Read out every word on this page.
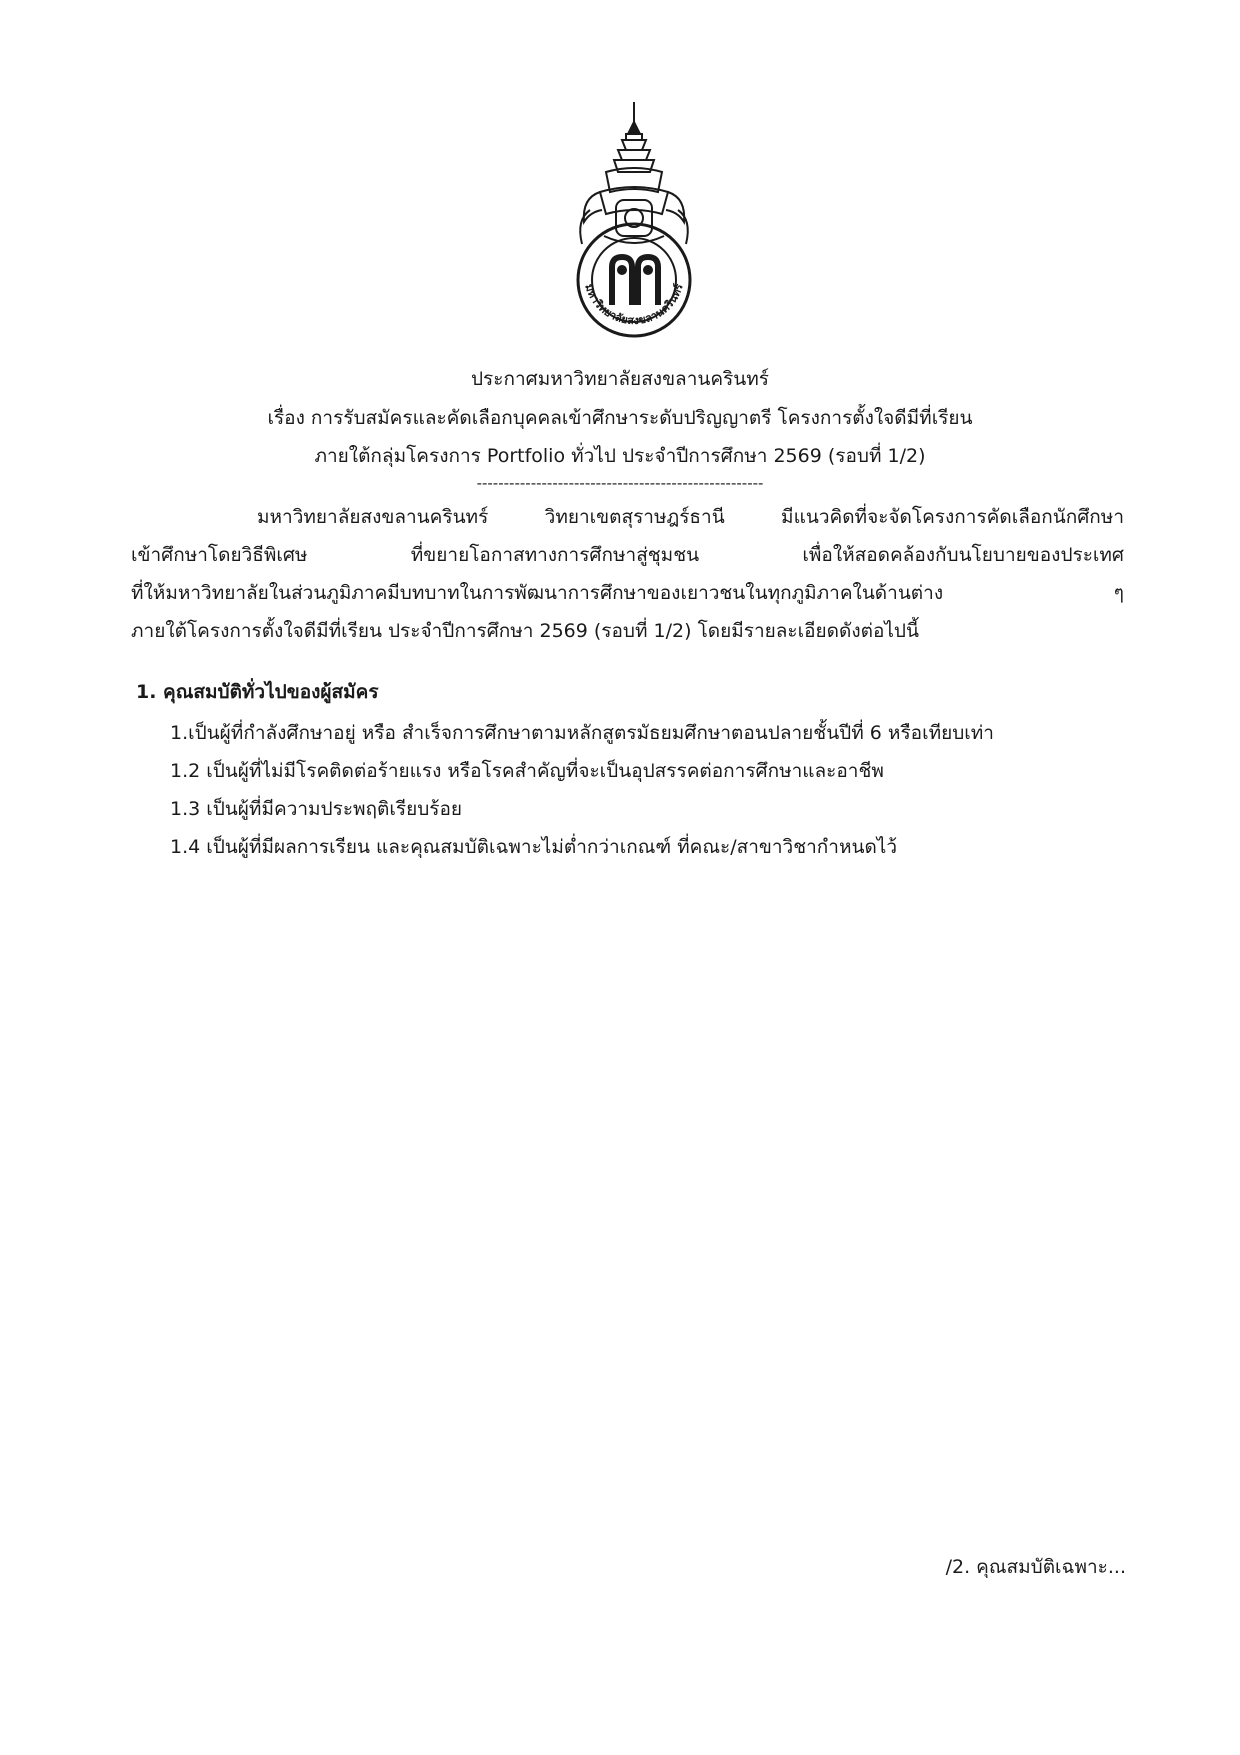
มหาวิทยาลัยสงขลานครินทร์
ประกาศมหาวิทยาลัยสงขลานครินทร์
เรื่อง การรับสมัครและคัดเลือกบุคคลเข้าศึกษาระดับปริญญาตรี โครงการตั้งใจดีมีที่เรียน
ภายใต้กลุ่มโครงการ Portfolio ทั่วไป ประจำปีการศึกษา 2569 (รอบที่ 1/2)
-----------------------------------------------------
มหาวิทยาลัยสงขลานครินทร์ วิทยาเขตสุราษฎร์ธานี มีแนวคิดที่จะจัดโครงการคัดเลือกนักศึกษา
เข้าศึกษาโดยวิธีพิเศษ ที่ขยายโอกาสทางการศึกษาสู่ชุมชน เพื่อให้สอดคล้องกับนโยบายของประเทศ
ที่ให้มหาวิทยาลัยในส่วนภูมิภาคมีบทบาทในการพัฒนาการศึกษาของเยาวชนในทุกภูมิภาคในด้านต่าง ๆ
ภายใต้โครงการตั้งใจดีมีที่เรียน ประจำปีการศึกษา 2569 (รอบที่ 1/2) โดยมีรายละเอียดดังต่อไปนี้
1. คุณสมบัติทั่วไปของผู้สมัคร
1.เป็นผู้ที่กำลังศึกษาอยู่ หรือ สำเร็จการศึกษาตามหลักสูตรมัธยมศึกษาตอนปลายชั้นปีที่ 6 หรือเทียบเท่า
1.2 เป็นผู้ที่ไม่มีโรคติดต่อร้ายแรง หรือโรคสำคัญที่จะเป็นอุปสรรคต่อการศึกษาและอาชีพ
1.3 เป็นผู้ที่มีความประพฤติเรียบร้อย
1.4 เป็นผู้ที่มีผลการเรียน และคุณสมบัติเฉพาะไม่ต่ำกว่าเกณฑ์ ที่คณะ/สาขาวิชากำหนดไว้
/2. คุณสมบัติเฉพาะ...
